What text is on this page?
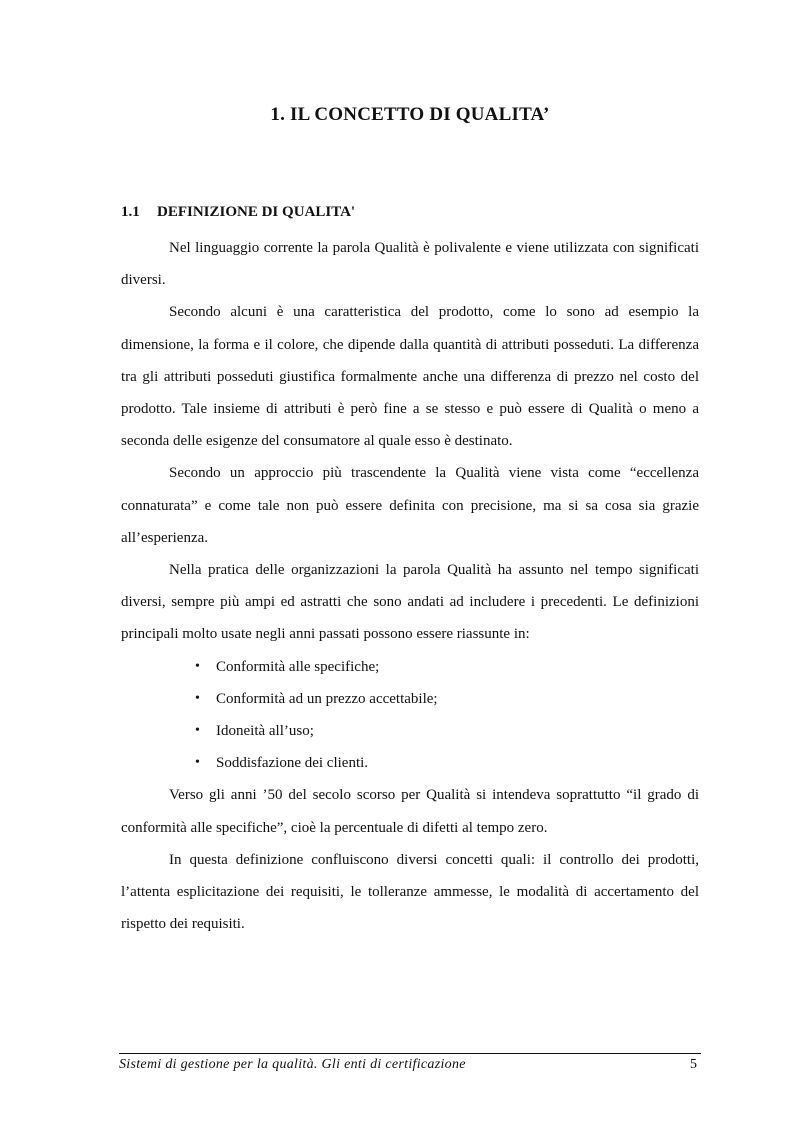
1. IL CONCETTO DI QUALITA’
1.1 DEFINIZIONE DI QUALITA'

Nel linguaggio corrente la parola Qualità è polivalente e viene utilizzata con significati diversi.

Secondo alcuni è una caratteristica del prodotto, come lo sono ad esempio la dimensione, la forma e il colore, che dipende dalla quantità di attributi posseduti. La differenza tra gli attributi posseduti giustifica formalmente anche una differenza di prezzo nel costo del prodotto. Tale insieme di attributi è però fine a se stesso e può essere di Qualità o meno a seconda delle esigenze del consumatore al quale esso è destinato.

Secondo un approccio più trascendente la Qualità viene vista come “eccellenza connaturata” e come tale non può essere definita con precisione, ma si sa cosa sia grazie all’esperienza.

Nella pratica delle organizzazioni la parola Qualità ha assunto nel tempo significati diversi, sempre più ampi ed astratti che sono andati ad includere i precedenti. Le definizioni principali molto usate negli anni passati possono essere riassunte in:

• Conformità alle specifiche;
• Conformità ad un prezzo accettabile;
• Idoneità all’uso;
• Soddisfazione dei clienti.

Verso gli anni ’50 del secolo scorso per Qualità si intendeva soprattutto “il grado di conformità alle specifiche”, cioè la percentuale di difetti al tempo zero.

In questa definizione confluiscono diversi concetti quali: il controllo dei prodotti, l’attenta esplicitazione dei requisiti, le tolleranze ammesse, le modalità di accertamento del rispetto dei requisiti.

Sistemi di gestione per la qualità. Gli enti di certificazione	5
